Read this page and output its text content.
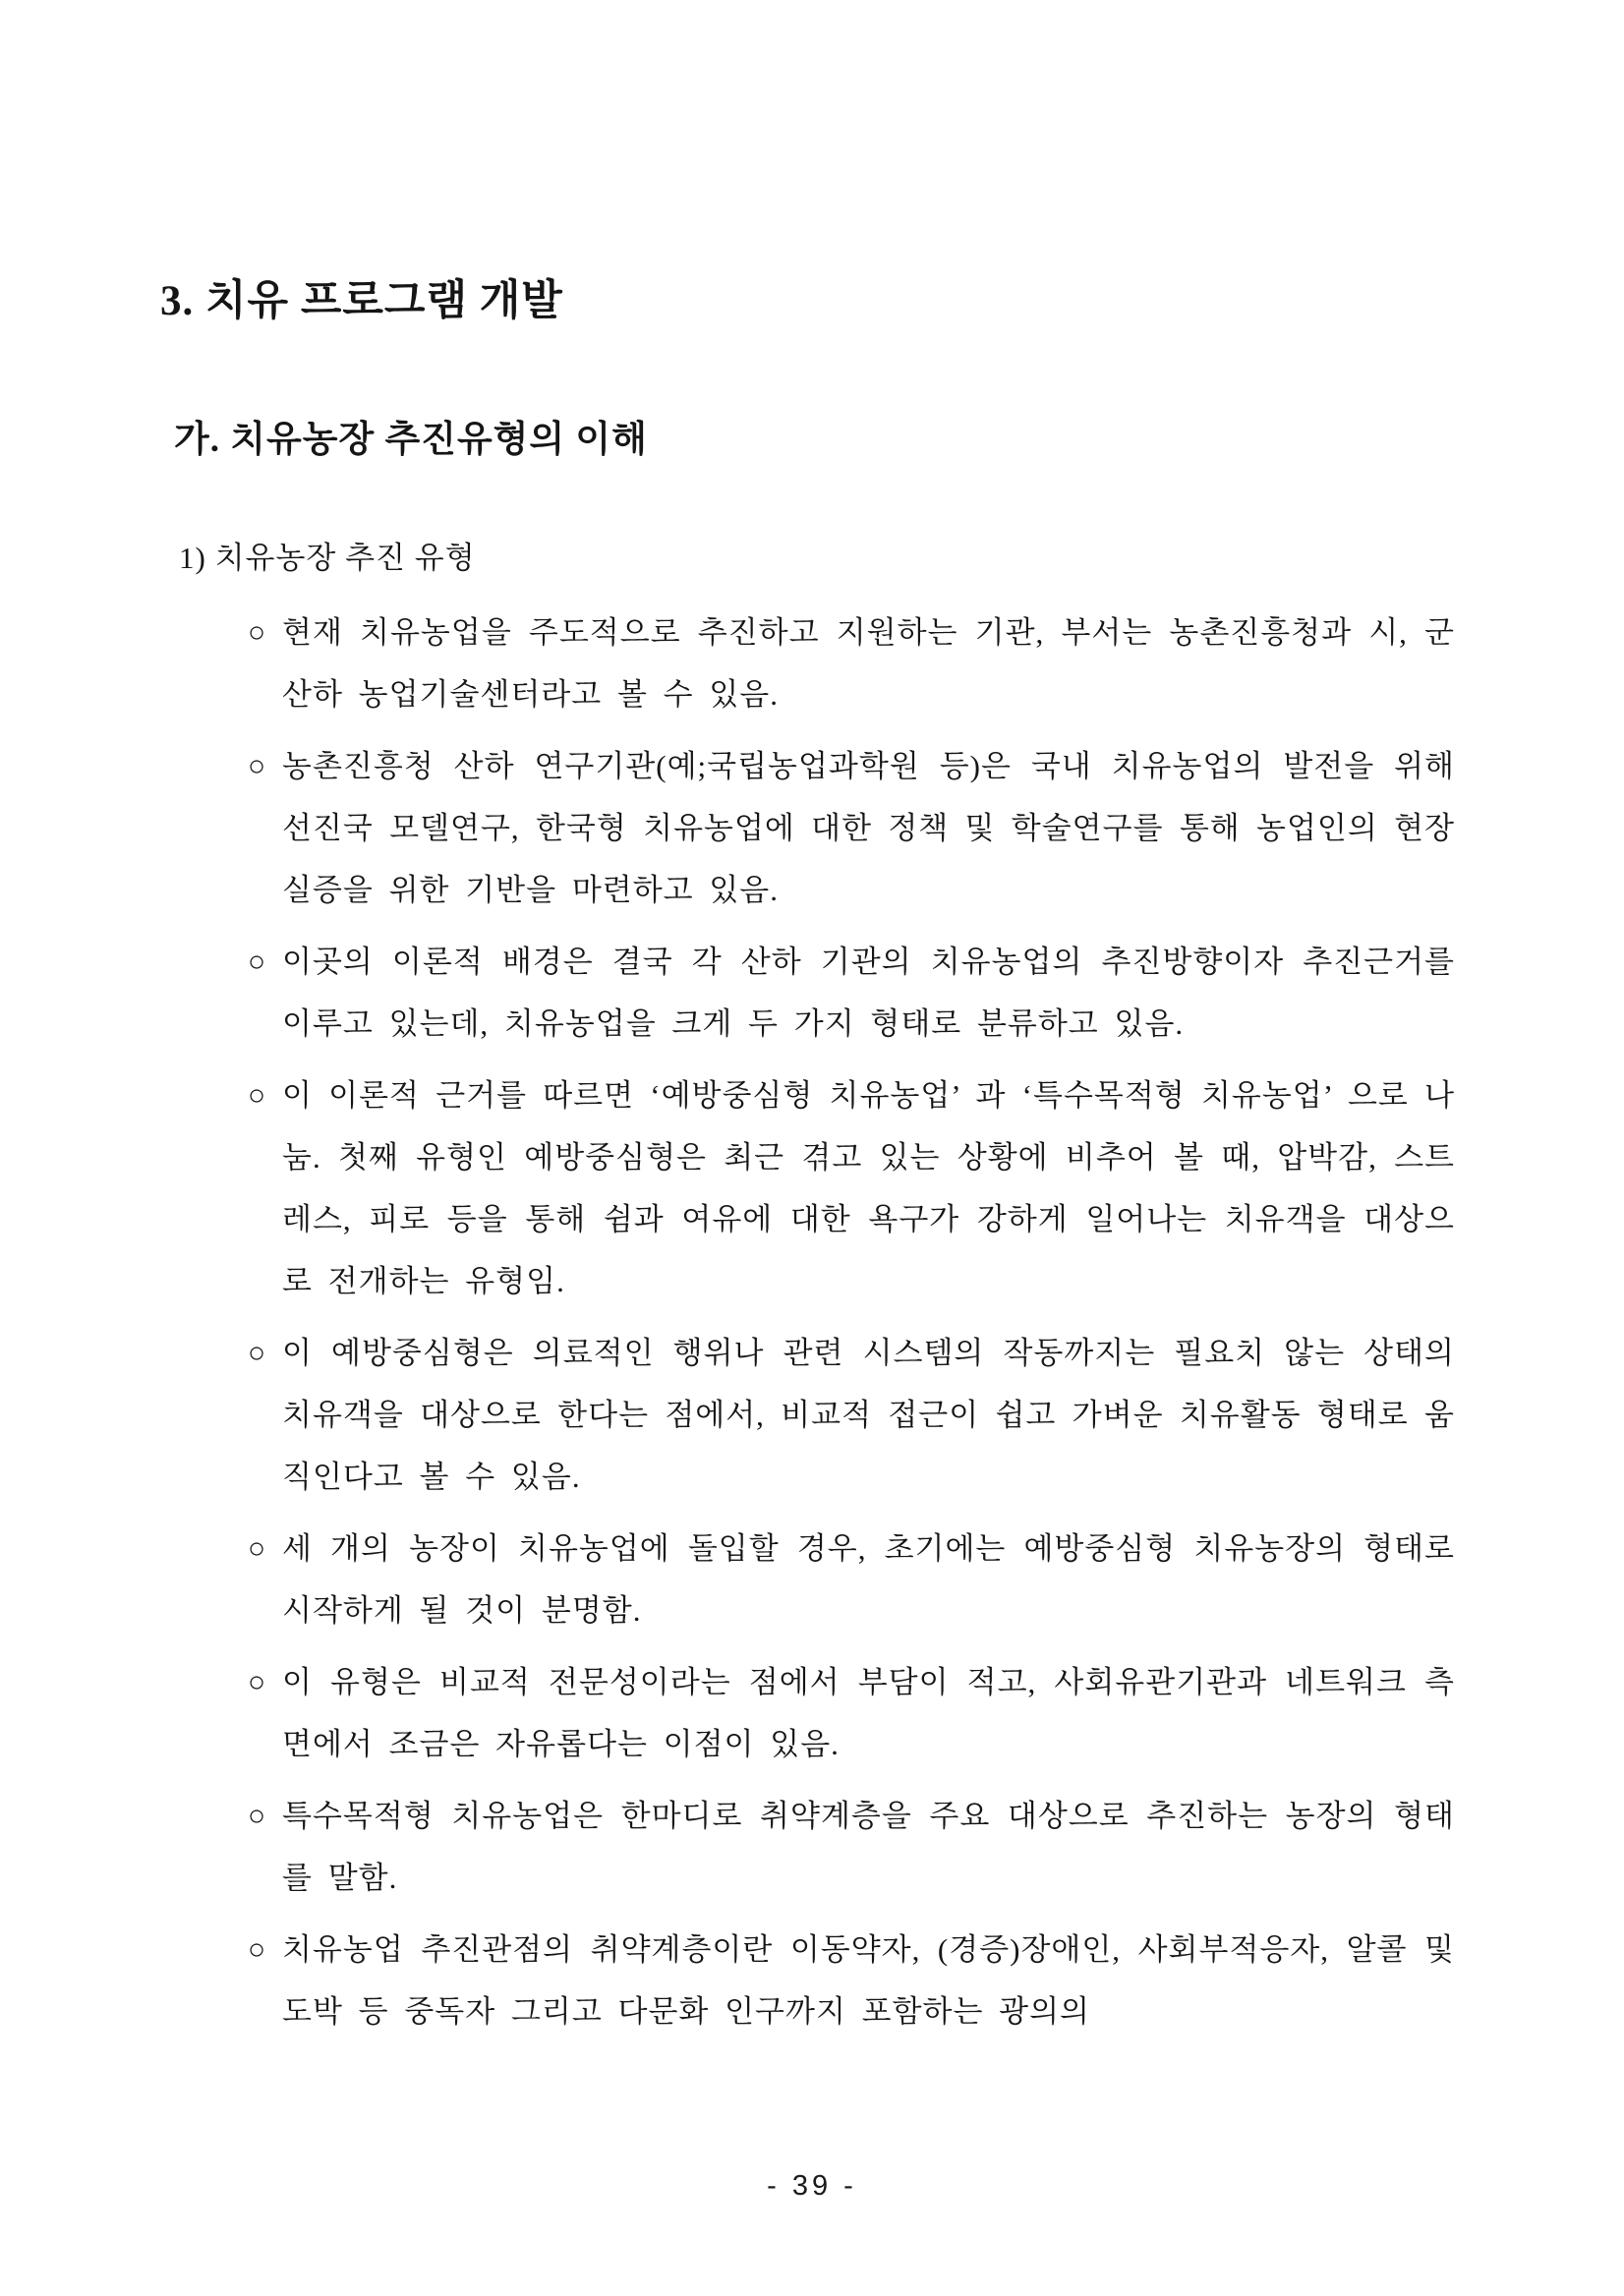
3. 치유 프로그램 개발
가. 치유농장 추진유형의 이해
1) 치유농장 추진 유형
○ 현재 치유농업을 주도적으로 추진하고 지원하는 기관, 부서는 농촌진흥청과 시, 군 산하 농업기술센터라고 볼 수 있음.
○ 농촌진흥청 산하 연구기관(예;국립농업과학원 등)은 국내 치유농업의 발전을 위해 선진국 모델연구, 한국형 치유농업에 대한 정책 및 학술연구를 통해 농업인의 현장실증을 위한 기반을 마련하고 있음.
○ 이곳의 이론적 배경은 결국 각 산하 기관의 치유농업의 추진방향이자 추진근거를 이루고 있는데, 치유농업을 크게 두 가지 형태로 분류하고 있음.
○ 이 이론적 근거를 따르면 ‘예방중심형 치유농업’ 과 ‘특수목적형 치유농업’ 으로 나눔. 첫째 유형인 예방중심형은 최근 겪고 있는 상황에 비추어 볼 때, 압박감, 스트레스, 피로 등을 통해 쉼과 여유에 대한 욕구가 강하게 일어나는 치유객을 대상으로 전개하는 유형임.
○ 이 예방중심형은 의료적인 행위나 관련 시스템의 작동까지는 필요치 않는 상태의 치유객을 대상으로 한다는 점에서, 비교적 접근이 쉽고 가벼운 치유활동 형태로 움직인다고 볼 수 있음.
○ 세 개의 농장이 치유농업에 돌입할 경우, 초기에는 예방중심형 치유농장의 형태로 시작하게 될 것이 분명함.
○ 이 유형은 비교적 전문성이라는 점에서 부담이 적고, 사회유관기관과 네트워크 측면에서 조금은 자유롭다는 이점이 있음.
○ 특수목적형 치유농업은 한마디로 취약계층을 주요 대상으로 추진하는 농장의 형태를 말함.
○ 치유농업 추진관점의 취약계층이란 이동약자, (경증)장애인, 사회부적응자, 알콜 및 도박 등 중독자 그리고 다문화 인구까지 포함하는 광의의
- 39 -
